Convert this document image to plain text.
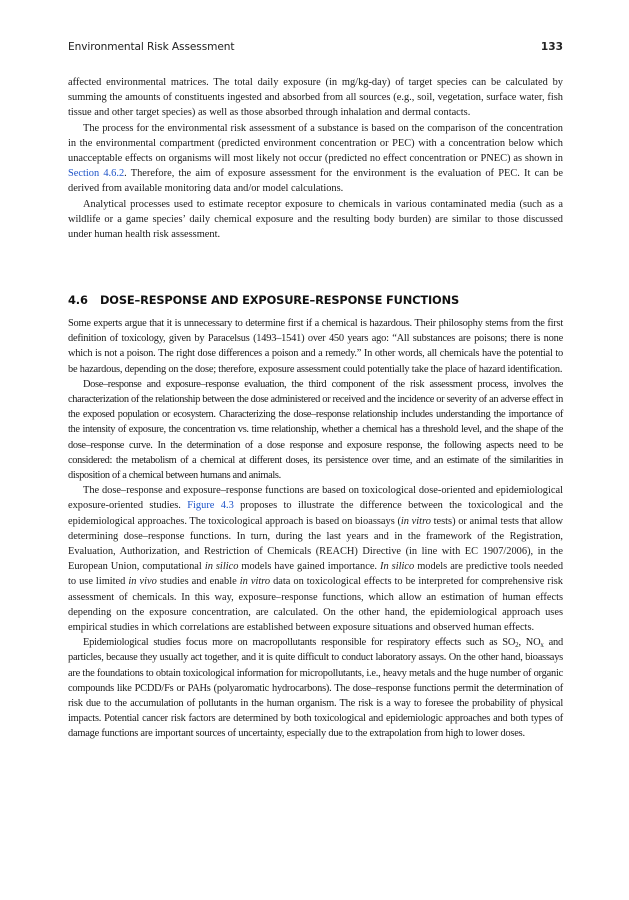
Environmental Risk Assessment	133

affected environmental matrices. The total daily exposure (in mg/kg-day) of target species can be calculated by summing the amounts of constituents ingested and absorbed from all sources (e.g., soil, vegetation, surface water, fish tissue and other target species) as well as those absorbed through inhalation and dermal contacts.

The process for the environmental risk assessment of a substance is based on the comparison of the concentration in the environmental compartment (predicted environment concentration or PEC) with a concentration below which unacceptable effects on organisms will most likely not occur (predicted no effect concentration or PNEC) as shown in Section 4.6.2. Therefore, the aim of exposure assessment for the environment is the evaluation of PEC. It can be derived from available monitoring data and/or model calculations.

Analytical processes used to estimate receptor exposure to chemicals in various contaminated media (such as a wildlife or a game species’ daily chemical exposure and the resulting body burden) are similar to those discussed under human health risk assessment.

4.6 DOSE–RESPONSE AND EXPOSURE–RESPONSE FUNCTIONS

Some experts argue that it is unnecessary to determine first if a chemical is hazardous. Their philosophy stems from the first definition of toxicology, given by Paracelsus (1493–1541) over 450 years ago: “All substances are poisons; there is none which is not a poison. The right dose differences a poison and a remedy.” In other words, all chemicals have the potential to be hazardous, depending on the dose; therefore, exposure assessment could potentially take the place of hazard identification.

Dose–response and exposure–response evaluation, the third component of the risk assessment process, involves the characterization of the relationship between the dose administered or received and the incidence or severity of an adverse effect in the exposed population or ecosystem. Characterizing the dose–response relationship includes understanding the importance of the intensity of exposure, the concentration vs. time relationship, whether a chemical has a threshold level, and the shape of the dose–response curve. In the determination of a dose response and exposure response, the following aspects need to be considered: the metabolism of a chemical at different doses, its persistence over time, and an estimate of the similarities in disposition of a chemical between humans and animals.

The dose–response and exposure–response functions are based on toxicological dose-oriented and epidemiological exposure-oriented studies. Figure 4.3 proposes to illustrate the difference between the toxicological and the epidemiological approaches. The toxicological approach is based on bioassays (in vitro tests) or animal tests that allow determining dose–response functions. In turn, during the last years and in the framework of the Registration, Evaluation, Authorization, and Restriction of Chemicals (REACH) Directive (in line with EC 1907/2006), in the European Union, computational in silico models have gained importance. In silico models are predictive tools needed to use limited in vivo studies and enable in vitro data on toxicological effects to be interpreted for comprehensive risk assessment of chemicals. In this way, exposure–response functions, which allow an estimation of human effects depending on the exposure concentration, are calculated. On the other hand, the epidemiological approach uses empirical studies in which correlations are established between exposure situations and observed human effects.

Epidemiological studies focus more on macropollutants responsible for respiratory effects such as $SO_2$, $NO_x$ and particles, because they usually act together, and it is quite difficult to conduct laboratory assays. On the other hand, bioassays are the foundations to obtain toxicological information for micropollutants, i.e., heavy metals and the huge number of organic compounds like PCDD/Fs or PAHs (polyaromatic hydrocarbons). The dose–response functions permit the determination of risk due to the accumulation of pollutants in the human organism. The risk is a way to foresee the probability of physical impacts. Potential cancer risk factors are determined by both toxicological and epidemiologic approaches and both types of damage functions are important sources of uncertainty, especially due to the extrapolation from high to lower doses.
